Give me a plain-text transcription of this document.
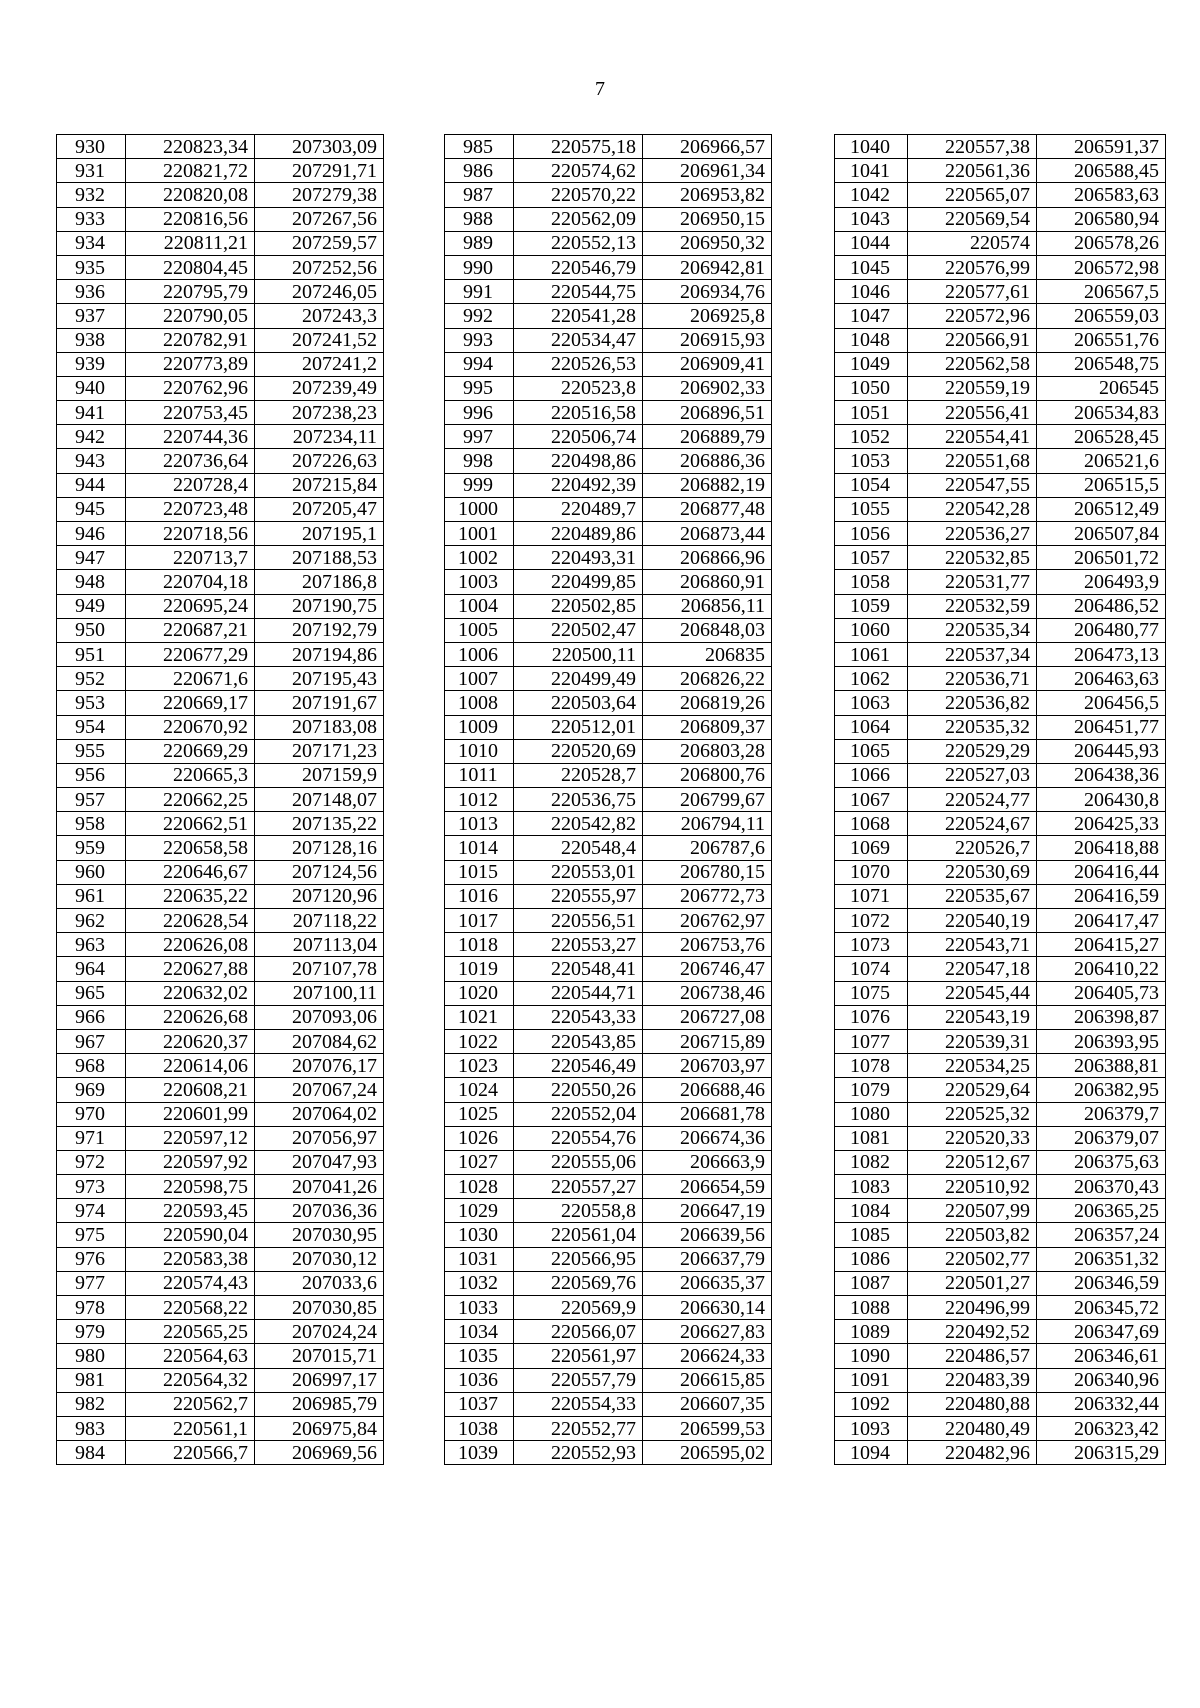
7
930	220823,34	207303,09
931	220821,72	207291,71
932	220820,08	207279,38
933	220816,56	207267,56
934	220811,21	207259,57
935	220804,45	207252,56
936	220795,79	207246,05
937	220790,05	207243,3
938	220782,91	207241,52
939	220773,89	207241,2
940	220762,96	207239,49
941	220753,45	207238,23
942	220744,36	207234,11
943	220736,64	207226,63
944	220728,4	207215,84
945	220723,48	207205,47
946	220718,56	207195,1
947	220713,7	207188,53
948	220704,18	207186,8
949	220695,24	207190,75
950	220687,21	207192,79
951	220677,29	207194,86
952	220671,6	207195,43
953	220669,17	207191,67
954	220670,92	207183,08
955	220669,29	207171,23
956	220665,3	207159,9
957	220662,25	207148,07
958	220662,51	207135,22
959	220658,58	207128,16
960	220646,67	207124,56
961	220635,22	207120,96
962	220628,54	207118,22
963	220626,08	207113,04
964	220627,88	207107,78
965	220632,02	207100,11
966	220626,68	207093,06
967	220620,37	207084,62
968	220614,06	207076,17
969	220608,21	207067,24
970	220601,99	207064,02
971	220597,12	207056,97
972	220597,92	207047,93
973	220598,75	207041,26
974	220593,45	207036,36
975	220590,04	207030,95
976	220583,38	207030,12
977	220574,43	207033,6
978	220568,22	207030,85
979	220565,25	207024,24
980	220564,63	207015,71
981	220564,32	206997,17
982	220562,7	206985,79
983	220561,1	206975,84
984	220566,7	206969,56
985	220575,18	206966,57
986	220574,62	206961,34
987	220570,22	206953,82
988	220562,09	206950,15
989	220552,13	206950,32
990	220546,79	206942,81
991	220544,75	206934,76
992	220541,28	206925,8
993	220534,47	206915,93
994	220526,53	206909,41
995	220523,8	206902,33
996	220516,58	206896,51
997	220506,74	206889,79
998	220498,86	206886,36
999	220492,39	206882,19
1000	220489,7	206877,48
1001	220489,86	206873,44
1002	220493,31	206866,96
1003	220499,85	206860,91
1004	220502,85	206856,11
1005	220502,47	206848,03
1006	220500,11	206835
1007	220499,49	206826,22
1008	220503,64	206819,26
1009	220512,01	206809,37
1010	220520,69	206803,28
1011	220528,7	206800,76
1012	220536,75	206799,67
1013	220542,82	206794,11
1014	220548,4	206787,6
1015	220553,01	206780,15
1016	220555,97	206772,73
1017	220556,51	206762,97
1018	220553,27	206753,76
1019	220548,41	206746,47
1020	220544,71	206738,46
1021	220543,33	206727,08
1022	220543,85	206715,89
1023	220546,49	206703,97
1024	220550,26	206688,46
1025	220552,04	206681,78
1026	220554,76	206674,36
1027	220555,06	206663,9
1028	220557,27	206654,59
1029	220558,8	206647,19
1030	220561,04	206639,56
1031	220566,95	206637,79
1032	220569,76	206635,37
1033	220569,9	206630,14
1034	220566,07	206627,83
1035	220561,97	206624,33
1036	220557,79	206615,85
1037	220554,33	206607,35
1038	220552,77	206599,53
1039	220552,93	206595,02
1040	220557,38	206591,37
1041	220561,36	206588,45
1042	220565,07	206583,63
1043	220569,54	206580,94
1044	220574	206578,26
1045	220576,99	206572,98
1046	220577,61	206567,5
1047	220572,96	206559,03
1048	220566,91	206551,76
1049	220562,58	206548,75
1050	220559,19	206545
1051	220556,41	206534,83
1052	220554,41	206528,45
1053	220551,68	206521,6
1054	220547,55	206515,5
1055	220542,28	206512,49
1056	220536,27	206507,84
1057	220532,85	206501,72
1058	220531,77	206493,9
1059	220532,59	206486,52
1060	220535,34	206480,77
1061	220537,34	206473,13
1062	220536,71	206463,63
1063	220536,82	206456,5
1064	220535,32	206451,77
1065	220529,29	206445,93
1066	220527,03	206438,36
1067	220524,77	206430,8
1068	220524,67	206425,33
1069	220526,7	206418,88
1070	220530,69	206416,44
1071	220535,67	206416,59
1072	220540,19	206417,47
1073	220543,71	206415,27
1074	220547,18	206410,22
1075	220545,44	206405,73
1076	220543,19	206398,87
1077	220539,31	206393,95
1078	220534,25	206388,81
1079	220529,64	206382,95
1080	220525,32	206379,7
1081	220520,33	206379,07
1082	220512,67	206375,63
1083	220510,92	206370,43
1084	220507,99	206365,25
1085	220503,82	206357,24
1086	220502,77	206351,32
1087	220501,27	206346,59
1088	220496,99	206345,72
1089	220492,52	206347,69
1090	220486,57	206346,61
1091	220483,39	206340,96
1092	220480,88	206332,44
1093	220480,49	206323,42
1094	220482,96	206315,29
